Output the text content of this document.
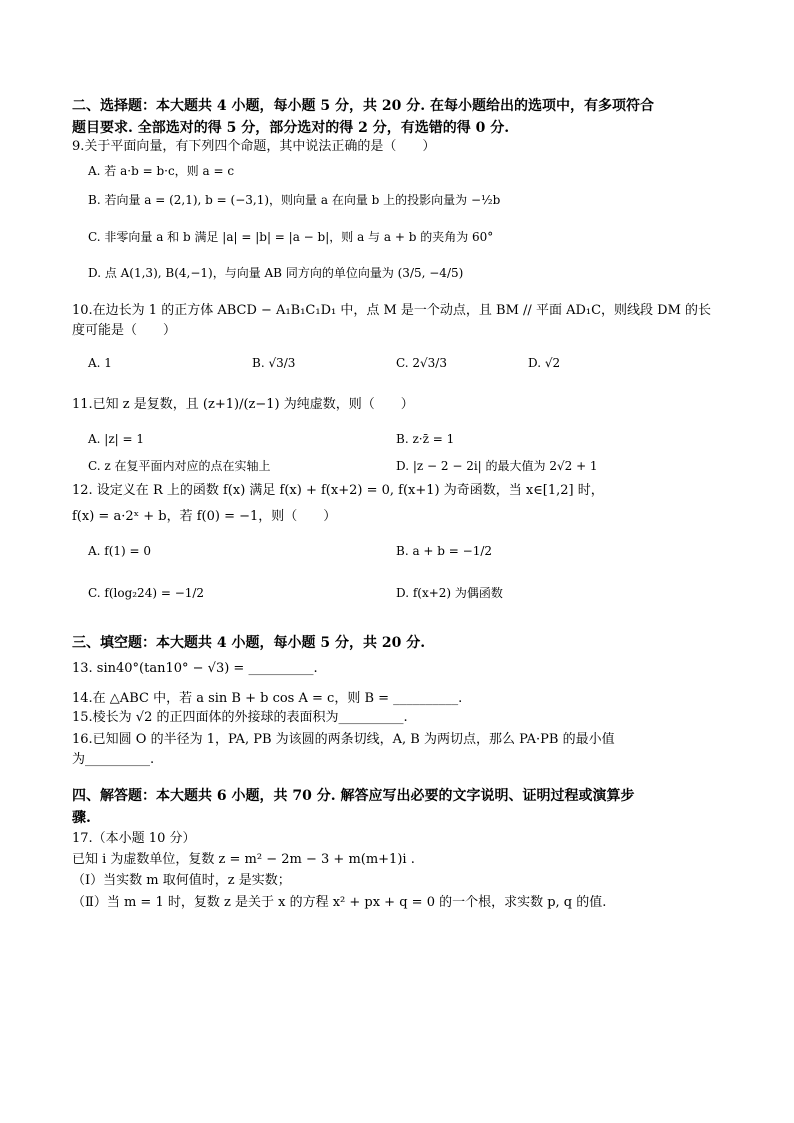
二、选择题：本大题共 4 小题，每小题 5 分，共 20 分. 在每小题给出的选项中，有多项符合
题目要求. 全部选对的得 5 分，部分选对的得 2 分，有选错的得 0 分.
9.关于平面向量，有下列四个命题，其中说法正确的是（　　）
A. 若 a·b = b·c，则 a = c
B. 若向量 a = (2,1), b = (−3,1)，则向量 a 在向量 b 上的投影向量为 −½b
C. 非零向量 a 和 b 满足 |a| = |b| = |a − b|，则 a 与 a + b 的夹角为 60°
D. 点 A(1,3), B(4,−1)，与向量 AB 同方向的单位向量为 (3/5, −4/5)
10.在边长为 1 的正方体 ABCD − A₁B₁C₁D₁ 中，点 M 是一个动点，且 BM // 平面 AD₁C，则线段 DM 的长
度可能是（　　）
A. 1	B. √3/3	C. 2√3/3	D. √2
11.已知 z 是复数，且 (z+1)/(z−1) 为纯虚数，则（　　）
A. |z| = 1	B. z·z̄ = 1
C. z 在复平面内对应的点在实轴上	D. |z − 2 − 2i| 的最大值为 2√2 + 1
12. 设定义在 R 上的函数 f(x) 满足 f(x) + f(x+2) = 0, f(x+1) 为奇函数，当 x∈[1,2] 时，
f(x) = a·2ˣ + b，若 f(0) = −1，则（　　）
A. f(1) = 0	B. a + b = −1/2
C. f(log₂24) = −1/2	D. f(x+2) 为偶函数
三、填空题：本大题共 4 小题，每小题 5 分，共 20 分.
13. sin40°(tan10° − √3) = __________.
14.在 △ABC 中，若 a sin B + b cos A = c，则 B = __________.
15.棱长为 √2 的正四面体的外接球的表面积为__________.
16.已知圆 O 的半径为 1，PA, PB 为该圆的两条切线，A, B 为两切点，那么 PA·PB 的最小值
为__________.
四、解答题：本大题共 6 小题，共 70 分. 解答应写出必要的文字说明、证明过程或演算步
骤.
17.（本小题 10 分）
已知 i 为虚数单位，复数 z = m² − 2m − 3 + m(m+1)i .
（Ⅰ）当实数 m 取何值时，z 是实数；
（Ⅱ）当 m = 1 时，复数 z 是关于 x 的方程 x² + px + q = 0 的一个根，求实数 p, q 的值.
